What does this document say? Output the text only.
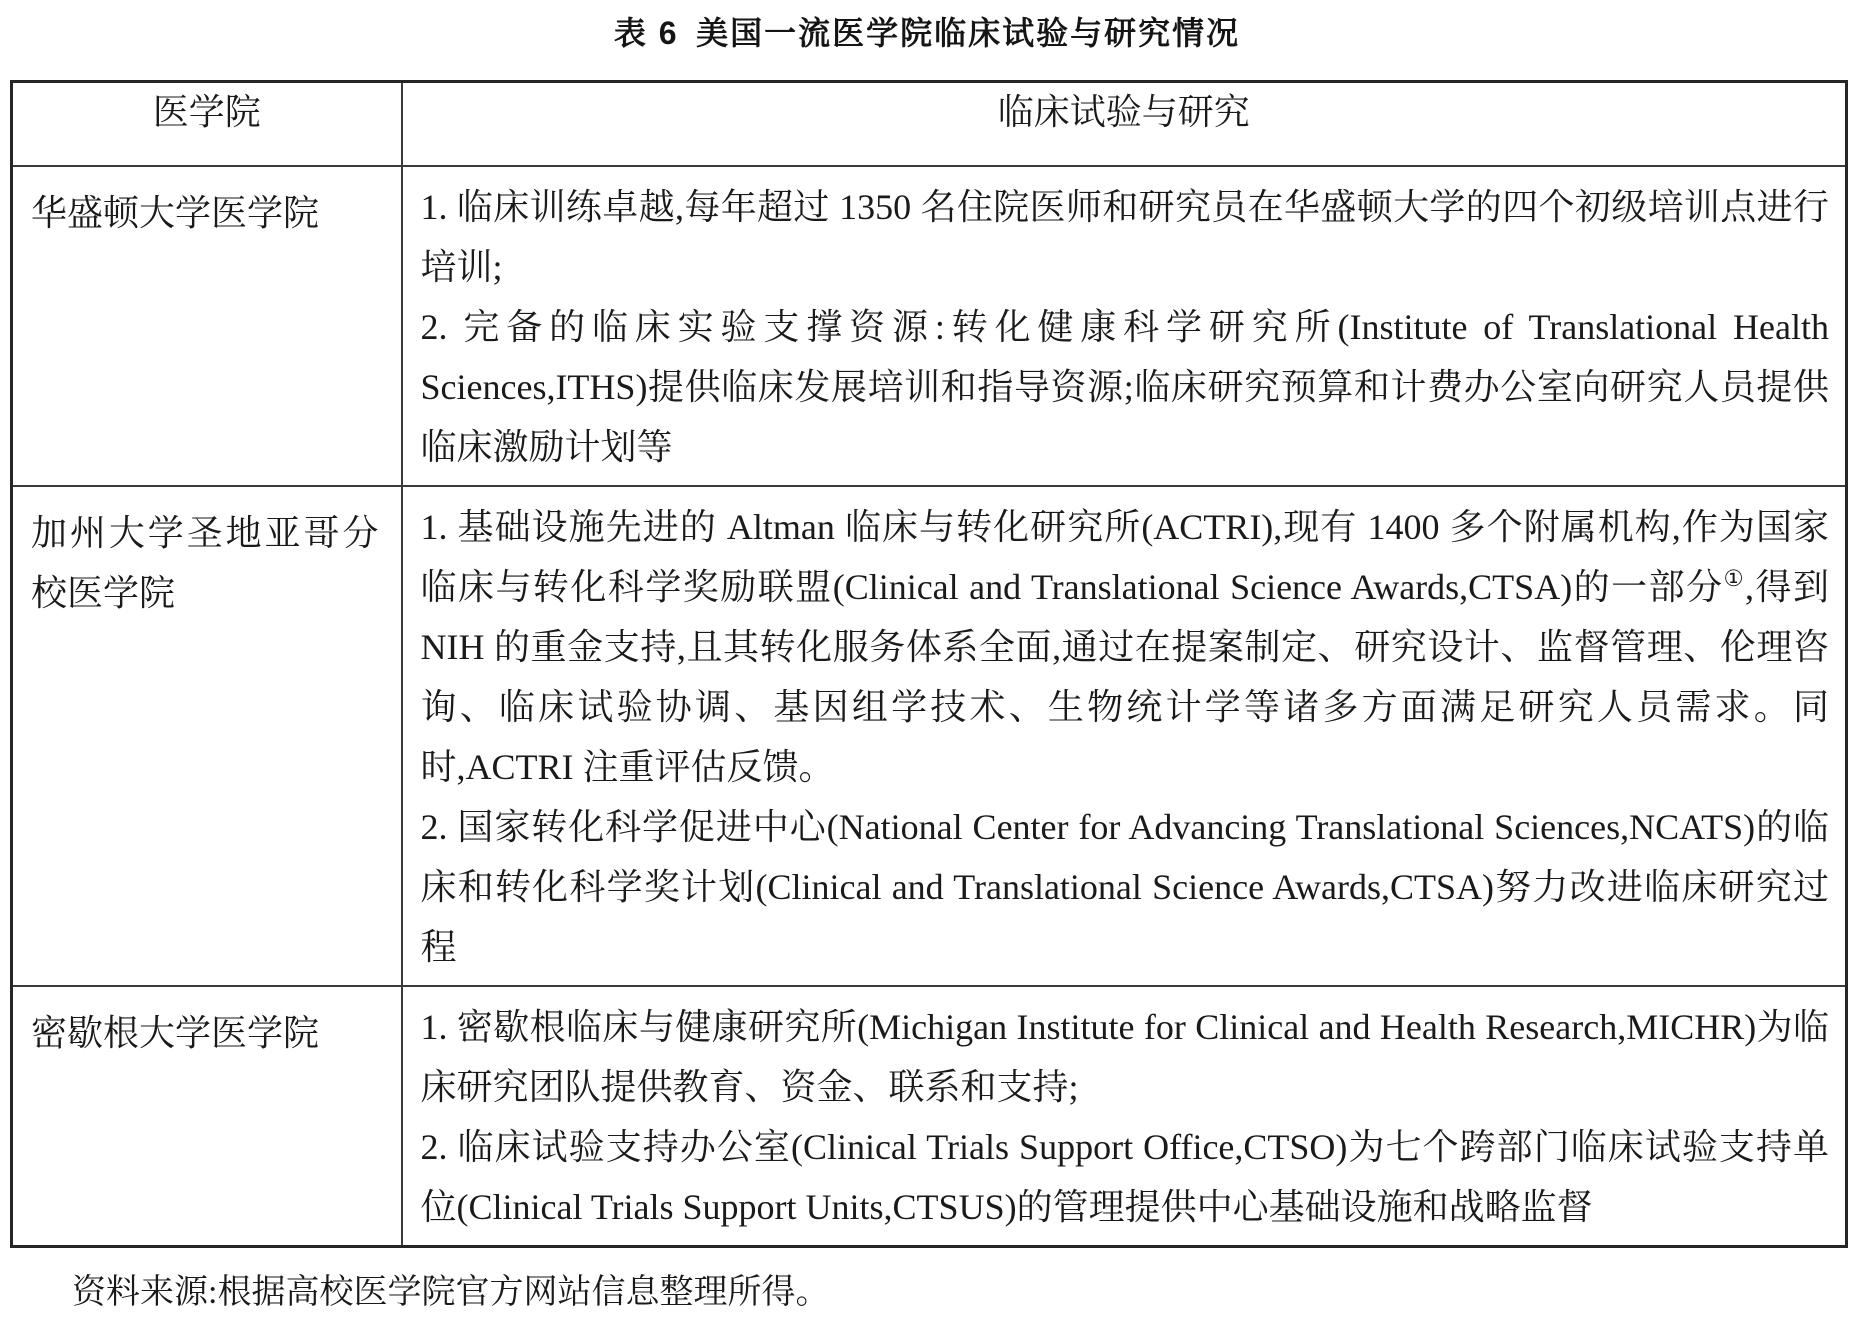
表 6 美国一流医学院临床试验与研究情况
医学院	临床试验与研究
华盛顿大学医学院	1. 临床训练卓越,每年超过 1350 名住院医师和研究员在华盛顿大学的四个初级培训点进行培训;

2. 完备的临床实验支撑资源:转化健康科学研究所(Institute of Translational Health Sciences,ITHS)提供临床发展培训和指导资源;临床研究预算和计费办公室向研究人员提供临床激励计划等

加州大学圣地亚哥分校医学院	1. 基础设施先进的 Altman 临床与转化研究所(ACTRI),现有 1400 多个附属机构,作为国家临床与转化科学奖励联盟(Clinical and Translational Science Awards,CTSA)的一部分①,得到 NIH 的重金支持,且其转化服务体系全面,通过在提案制定、研究设计、监督管理、伦理咨询、临床试验协调、基因组学技术、生物统计学等诸多方面满足研究人员需求。同时,ACTRI 注重评估反馈。

2. 国家转化科学促进中心(National Center for Advancing Translational Sciences,NCATS)的临床和转化科学奖计划(Clinical and Translational Science Awards,CTSA)努力改进临床研究过程

密歇根大学医学院	1. 密歇根临床与健康研究所(Michigan Institute for Clinical and Health Research,MICHR)为临床研究团队提供教育、资金、联系和支持;

2. 临床试验支持办公室(Clinical Trials Support Office,CTSO)为七个跨部门临床试验支持单位(Clinical Trials Support Units,CTSUS)的管理提供中心基础设施和战略监督

资料来源:根据高校医学院官方网站信息整理所得。
